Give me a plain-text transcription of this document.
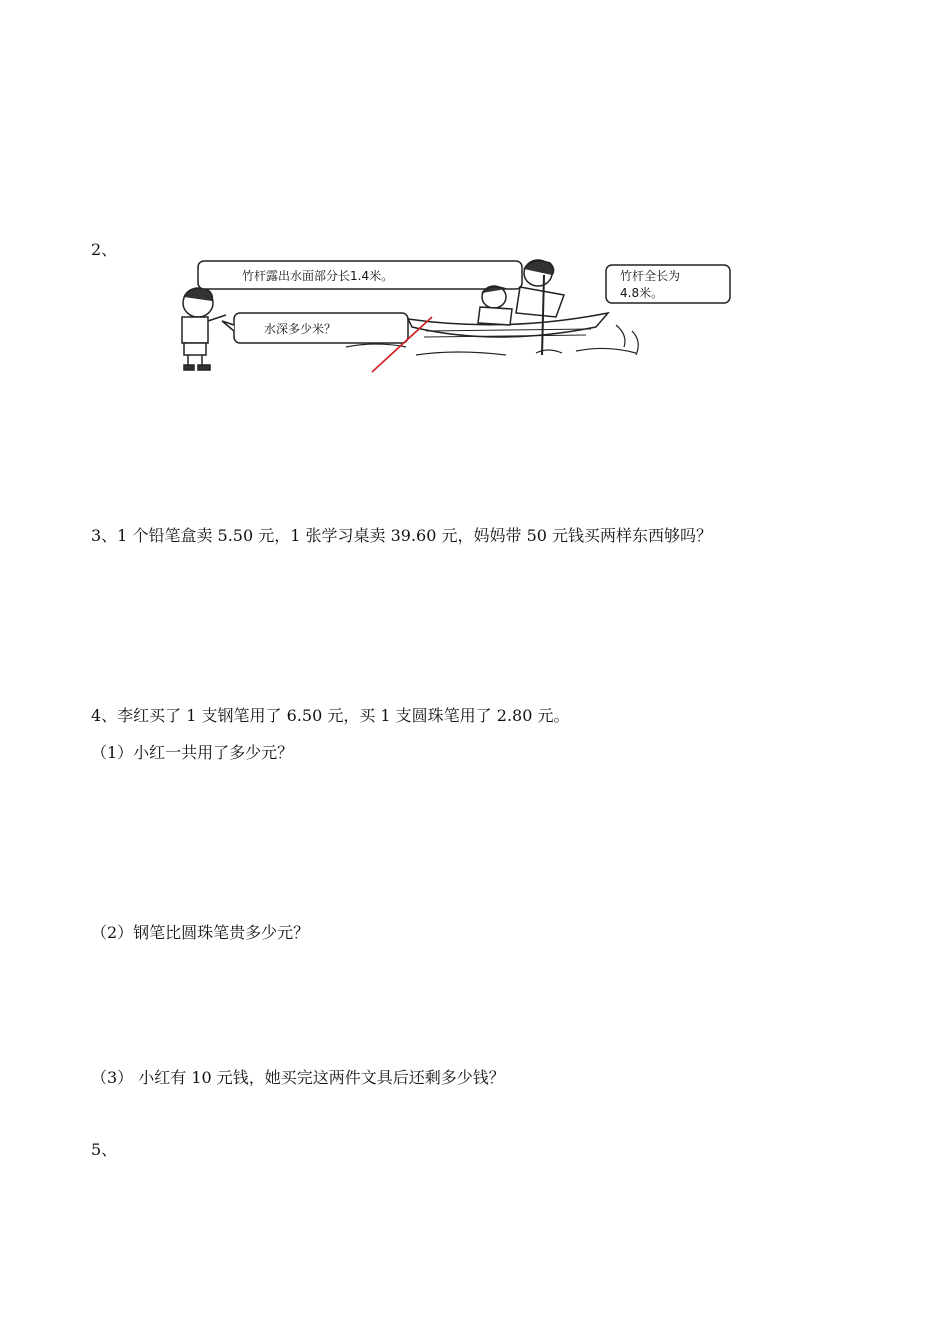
2、
竹杆露出水面部分长1.4米。
水深多少米？
竹杆全长为
4.8米。
3、1 个铅笔盒卖 5.50 元，1 张学习桌卖 39.60 元，妈妈带 50 元钱买两样东西够吗？
4、李红买了 1 支钢笔用了 6.50 元，买 1 支圆珠笔用了 2.80 元。
（1）小红一共用了多少元？
（2）钢笔比圆珠笔贵多少元？
（3） 小红有 10 元钱，她买完这两件文具后还剩多少钱？
5、
